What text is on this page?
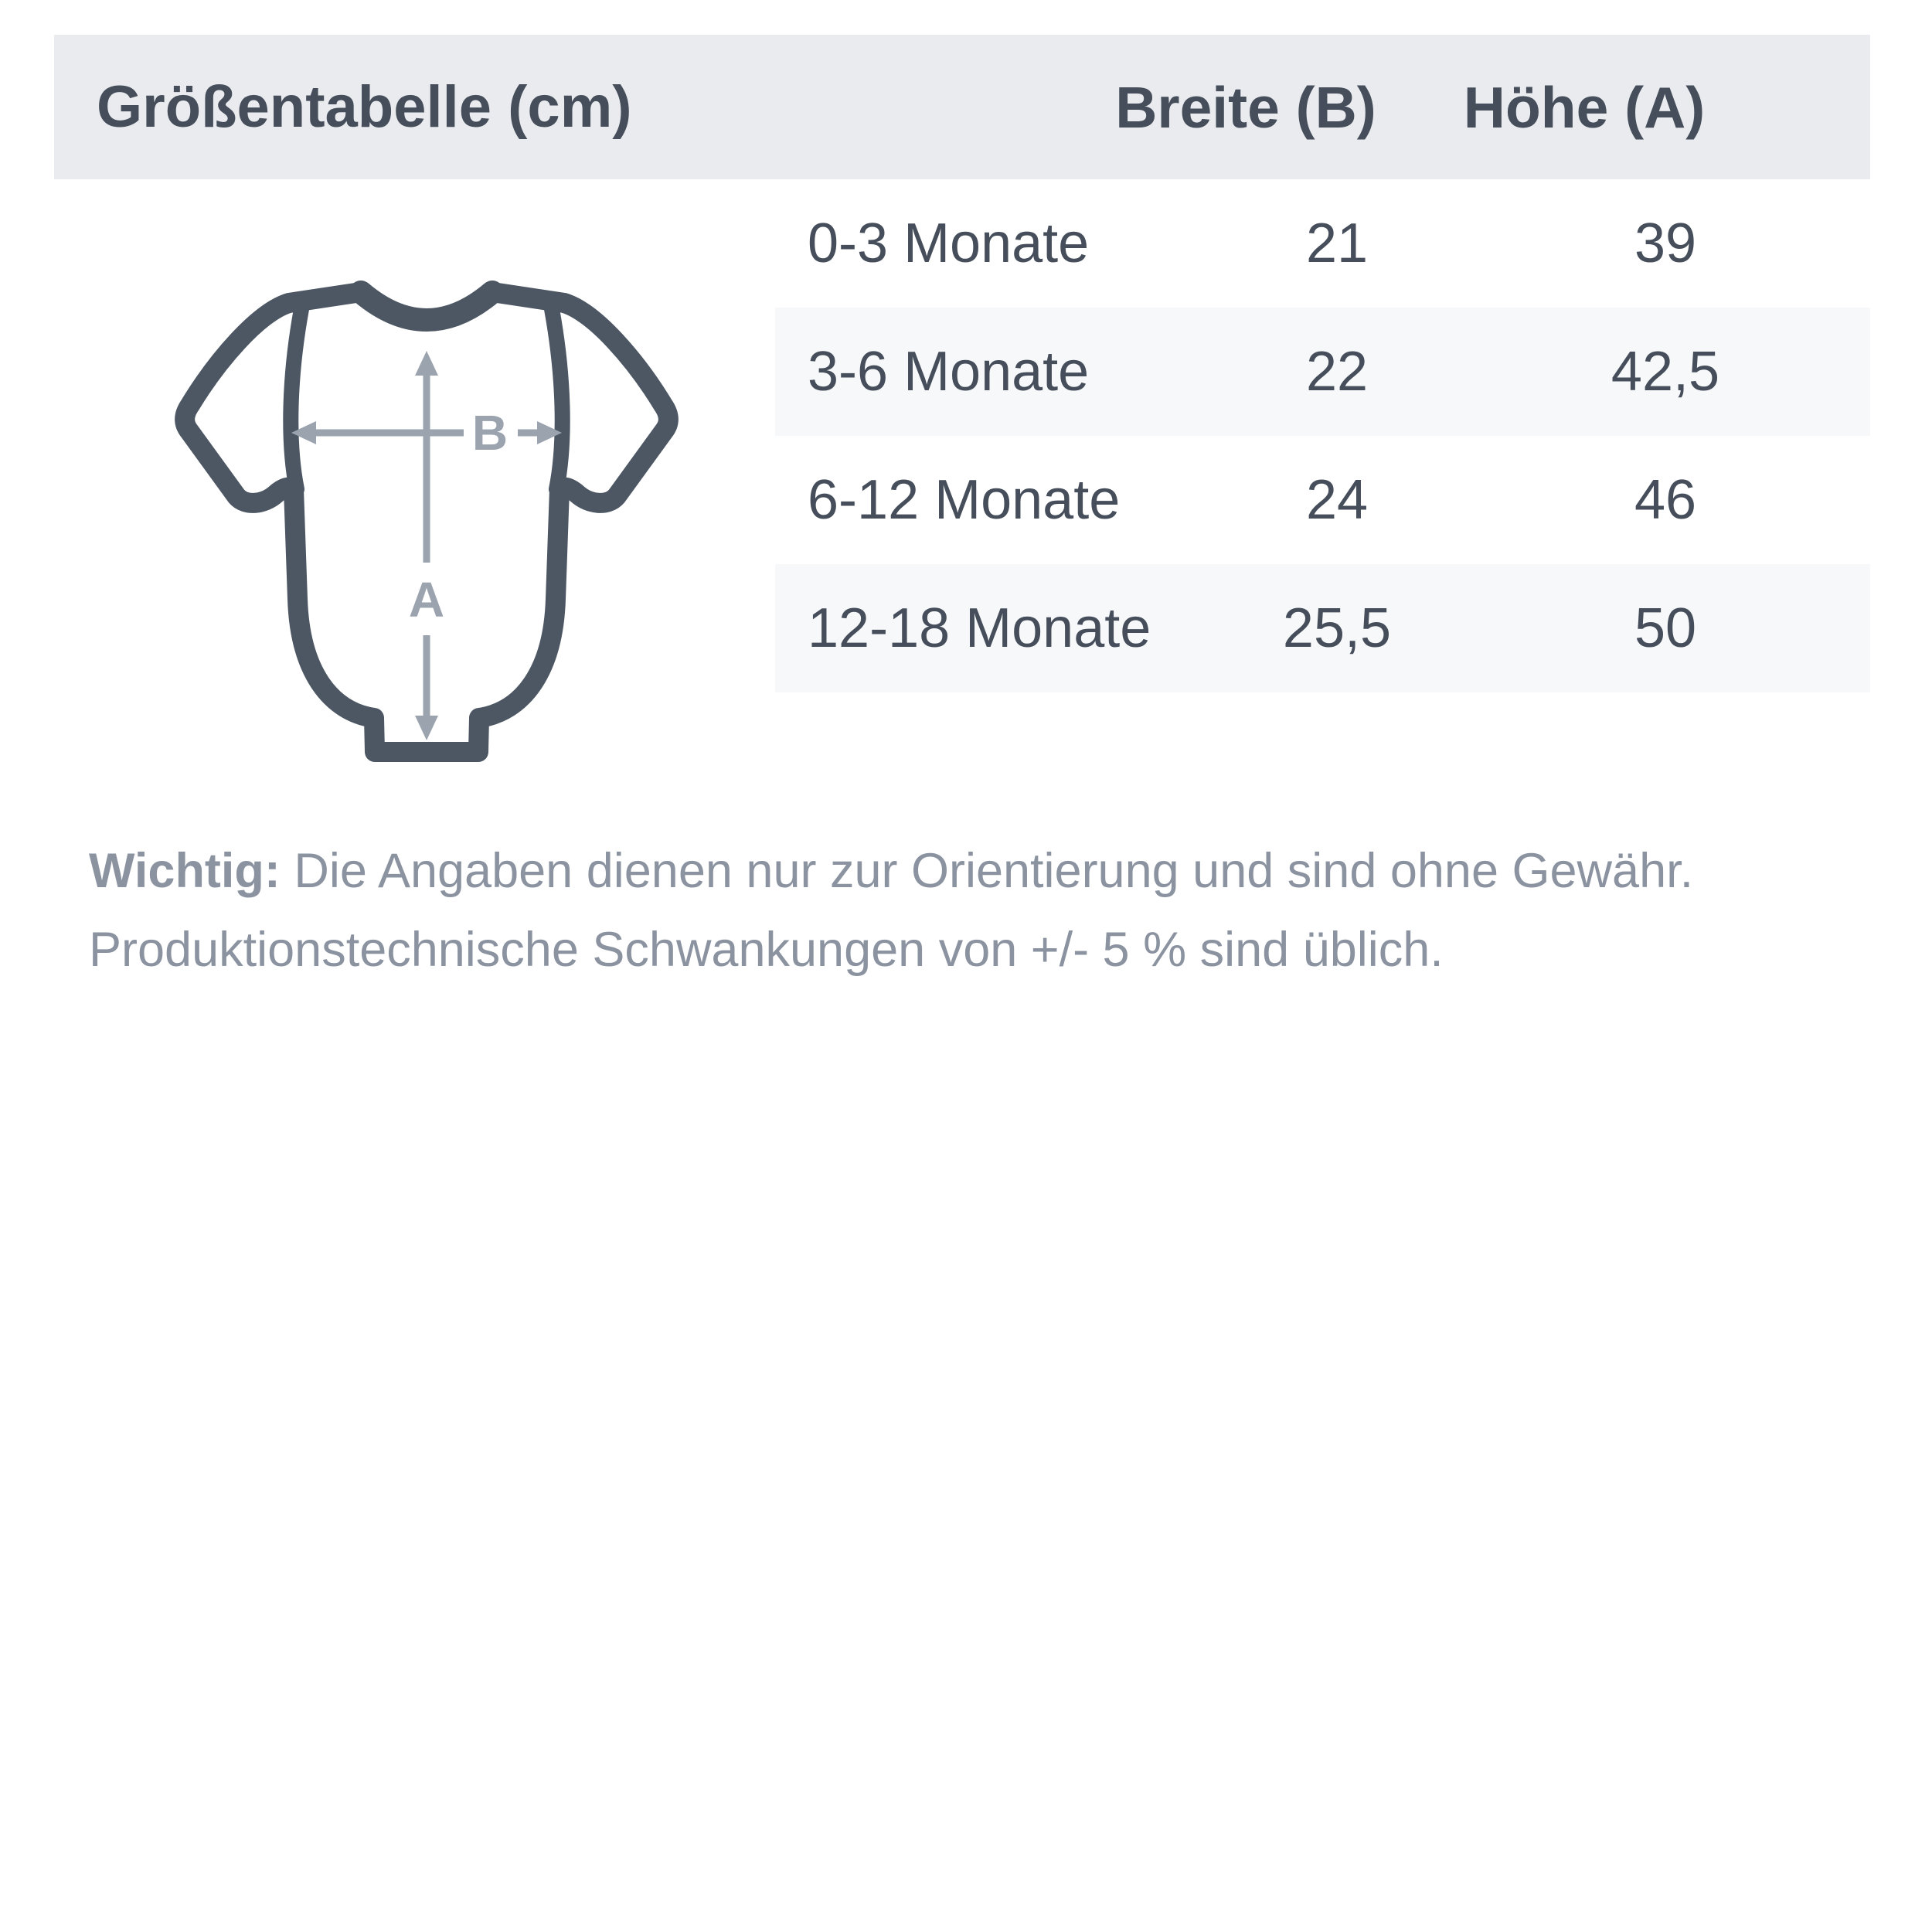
Größentabelle (cm)	Breite (B) Höhe (A)
0-3 Monate	21	39
3-6 Monate	22	42,5
6-12 Monate	24	46
12-18 Monate	25,5	50
A
B
Wichtig: Die Angaben dienen nur zur Orientierung und sind ohne Gewähr.
Produktionstechnische Schwankungen von +/- 5 % sind üblich.
